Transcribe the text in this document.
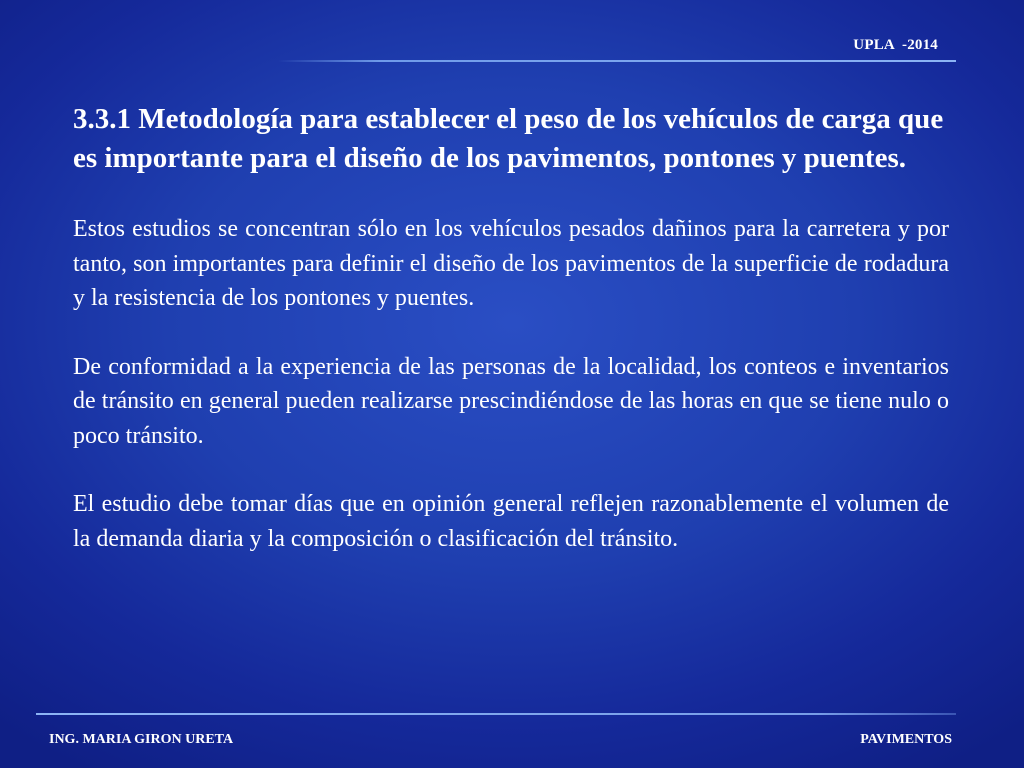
UPLA  -2014

3.3.1 Metodología para establecer el peso de los vehículos de carga que es importante para el diseño de los pavimentos, pontones y puentes.

Estos estudios se concentran sólo en los vehículos pesados dañinos para la carretera y por tanto, son importantes para definir el diseño de los pavimentos de la superficie de rodadura y la resistencia de los pontones y puentes.

De conformidad a la experiencia de las personas de la localidad, los conteos e inventarios de tránsito en general pueden realizarse prescindiéndose de las horas en que se tiene nulo o poco tránsito.

El estudio debe tomar días que en opinión general reflejen razonablemente el volumen de la demanda diaria y la composición o clasificación del tránsito.

ING. MARIA GIRON URETA	PAVIMENTOS
